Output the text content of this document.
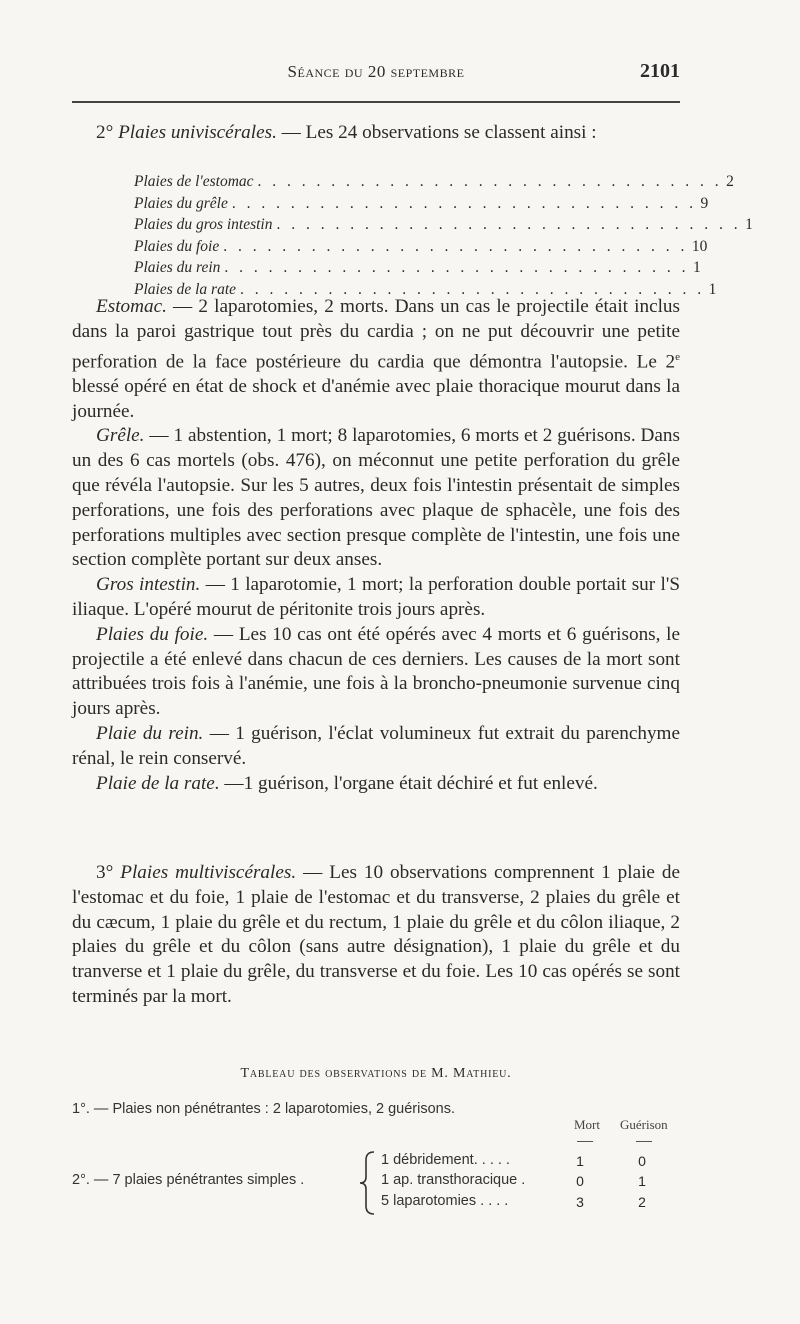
Séance du 20 septembre	2101

2° Plaies univiscérales. — Les 24 observations se classent ainsi :

Plaies de l'estomac . . . . . . . . . . . . . . . . . . . . . . . . . . . . . . . . 2
Plaies du grêle . . . . . . . . . . . . . . . . . . . . . . . . . . . . . . . . 9
Plaies du gros intestin . . . . . . . . . . . . . . . . . . . . . . . . . . . . . . . . 1
Plaies du foie . . . . . . . . . . . . . . . . . . . . . . . . . . . . . . . . 10
Plaies du rein . . . . . . . . . . . . . . . . . . . . . . . . . . . . . . . . 1
Plaies de la rate . . . . . . . . . . . . . . . . . . . . . . . . . . . . . . . . 1

Estomac. — 2 laparotomies, 2 morts. Dans un cas le projectile était inclus dans la paroi gastrique tout près du cardia ; on ne put découvrir une petite perforation de la face postérieure du cardia que démontra l'autopsie. Le 2e blessé opéré en état de shock et d'anémie avec plaie thoracique mourut dans la journée.

Grêle. — 1 abstention, 1 mort; 8 laparotomies, 6 morts et 2 guérisons. Dans un des 6 cas mortels (obs. 476), on méconnut une petite perforation du grêle que révéla l'autopsie. Sur les 5 autres, deux fois l'intestin présentait de simples perforations, une fois des perforations avec plaque de sphacèle, une fois des perforations multiples avec section presque complète de l'intestin, une fois une section complète portant sur deux anses.

Gros intestin. — 1 laparotomie, 1 mort; la perforation double portait sur l'S iliaque. L'opéré mourut de péritonite trois jours après.

Plaies du foie. — Les 10 cas ont été opérés avec 4 morts et 6 guérisons, le projectile a été enlevé dans chacun de ces derniers. Les causes de la mort sont attribuées trois fois à l'anémie, une fois à la broncho-pneumonie survenue cinq jours après.

Plaie du rein. — 1 guérison, l'éclat volumineux fut extrait du parenchyme rénal, le rein conservé.

Plaie de la rate. —1 guérison, l'organe était déchiré et fut enlevé.

3° Plaies multiviscérales. — Les 10 observations comprennent 1 plaie de l'estomac et du foie, 1 plaie de l'estomac et du transverse, 2 plaies du grêle et du cæcum, 1 plaie du grêle et du rectum, 1 plaie du grêle et du côlon iliaque, 2 plaies du grêle et du côlon (sans autre désignation), 1 plaie du grêle et du tranverse et 1 plaie du grêle, du transverse et du foie. Les 10 cas opérés se sont terminés par la mort.

Tableau des observations de M. Mathieu.
1°. — Plaies non pénétrantes : 2 laparotomies, 2 guérisons.
Mort Guérison
2°. — 7 plaies pénétrantes simples .
1 débridement. . . . .	1	0
1 ap. transthoracique .	0	1
5 laparotomies . . . .	3	2
